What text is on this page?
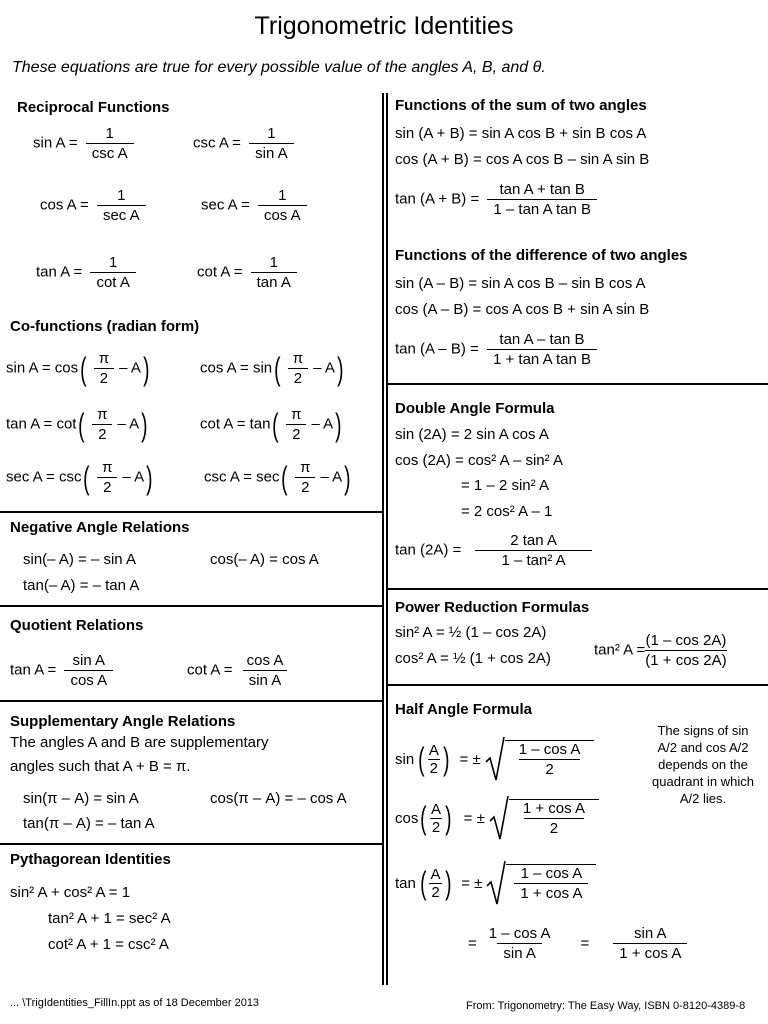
Trigonometric Identities
These equations are true for every possible value of the angles A, B, and θ.
Reciprocal Functions
$\sin A = \frac{1}{\text{csc A}}$	$\csc A = \frac{1}{\text{sin A}}$
$\cos A = \frac{1}{\text{sec A}}$	$\sec A = \frac{1}{\text{cos A}}$
$\tan A = \frac{1}{\text{cot A}}$	$\cot A = \frac{1}{\text{tan A}}$
Co-functions (radian form)
$\sin A = \cos( \frac{\pi}{2} - A)$	$\cos A = \sin( \frac{\pi}{2} - A)$
$\tan A = \cot( \frac{\pi}{2} - A)$	$\cot A = \tan( \frac{\pi}{2} - A)$
$\sec A = \csc( \frac{\pi}{2} - A)$	$\csc A = \sec( \frac{\pi}{2} - A)$
Negative Angle Relations
sin(– A) = – sin A	cos(– A) = cos A
tan(– A) = – tan A
Quotient Relations
$\tan A = \frac{\text{sin A}}{\text{cos A}}$	$\cot A = \frac{\text{cos A}}{\text{sin A}}$
Supplementary Angle Relations
The angles A and B are supplementary
angles such that A + B = π.
sin(π – A) = sin A	cos(π – A) = – cos A
tan(π – A) = – tan A
Pythagorean Identities
sin² A + cos² A = 1
tan² A + 1 = sec² A
cot² A + 1 = csc² A
Functions of the sum of two angles
sin (A + B) = sin A cos B + sin B cos A
cos (A + B) = cos A cos B – sin A sin B
$\tan (A + B) = \frac{\text{tan A + tan B}}{\text{1 – tan A tan B}}$
Functions of the difference of two angles
sin (A – B) = sin A cos B – sin B cos A
cos (A – B) = cos A cos B + sin A sin B
$\tan (A - B) = \frac{\text{tan A – tan B}}{\text{1 + tan A tan B}}$
Double Angle Formula
sin (2A) = 2 sin A cos A
cos (2A) = cos² A – sin² A
= 1 – 2 sin² A
= 2 cos² A – 1
$\tan (2A) = \frac{\text{2 tan A}}{\text{1 – tan² A}}$
Power Reduction Formulas
sin² A = ½ (1 – cos 2A)
cos² A = ½ (1 + cos 2A)
tan² $A = \frac{(1 - \cos 2A)}{(1 + \cos 2A)}$
Half Angle Formula
The signs of sin A/2 and cos A/2 depends on the quadrant in which A/2 lies.
sin ( $\frac{A}{2}$ ) = ± $\frac{\text{1 – cos A}}{2}$
cos ( $\frac{A}{2}$ ) = ± $\frac{\text{1 + cos A}}{2}$
tan ( $\frac{A}{2}$ ) = ± $\frac{\text{1 – cos A}}{\text{1 + cos A}}$
= $\frac{\text{1 – cos A}}{\text{sin A}} = \frac{\text{sin A}}{\text{1 + cos A}}$
... \TrigIdentities_FillIn.ppt as of 18 December 2013	From: Trigonometry: The Easy Way, ISBN 0-8120-4389-8
